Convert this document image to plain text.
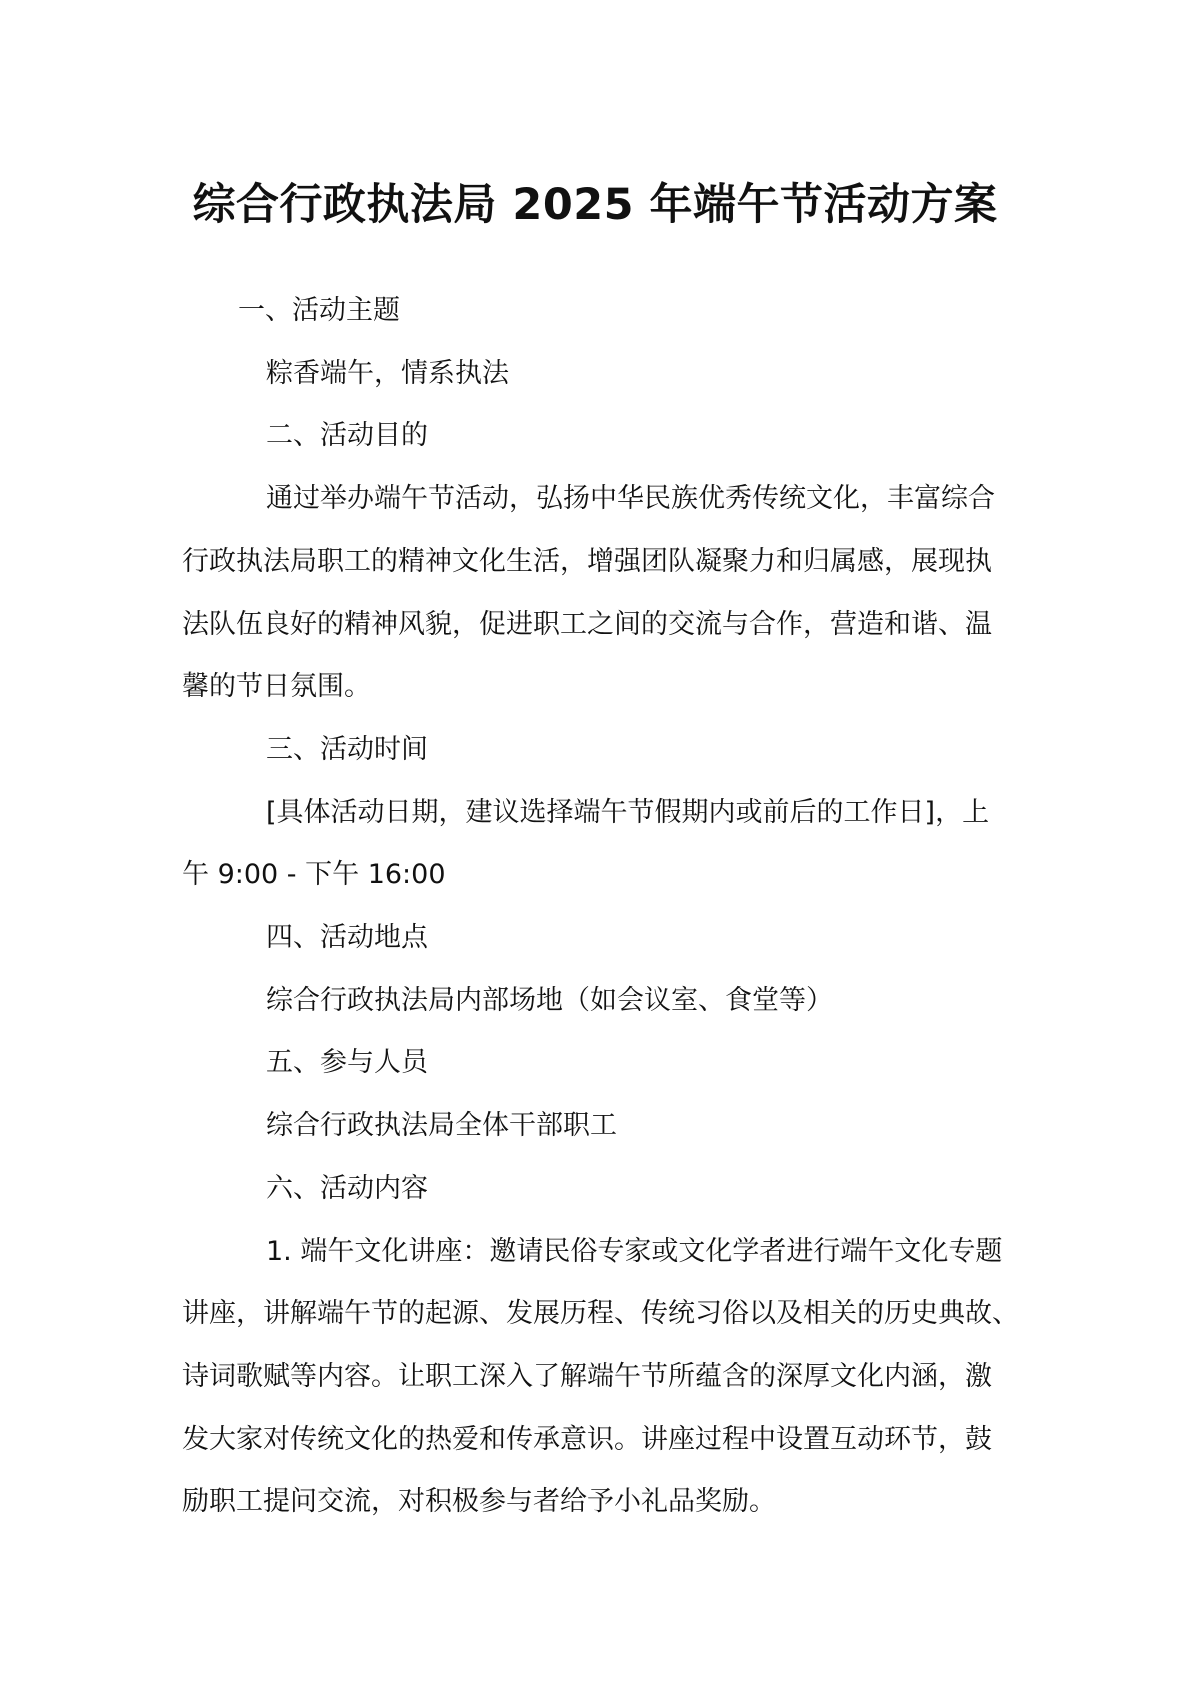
综合行政执法局 2025 年端午节活动方案

一、活动主题

粽香端午，情系执法

二、活动目的

通过举办端午节活动，弘扬中华民族优秀传统文化，丰富综合

行政执法局职工的精神文化生活，增强团队凝聚力和归属感，展现执

法队伍良好的精神风貌，促进职工之间的交流与合作，营造和谐、温

馨的节日氛围。

三、活动时间

[具体活动日期，建议选择端午节假期内或前后的工作日]，上

午 9:00 - 下午 16:00

四、活动地点

综合行政执法局内部场地（如会议室、食堂等）

五、参与人员

综合行政执法局全体干部职工

六、活动内容

1. 端午文化讲座：邀请民俗专家或文化学者进行端午文化专题

讲座，讲解端午节的起源、发展历程、传统习俗以及相关的历史典故、

诗词歌赋等内容。让职工深入了解端午节所蕴含的深厚文化内涵，激

发大家对传统文化的热爱和传承意识。讲座过程中设置互动环节，鼓

励职工提问交流，对积极参与者给予小礼品奖励。
